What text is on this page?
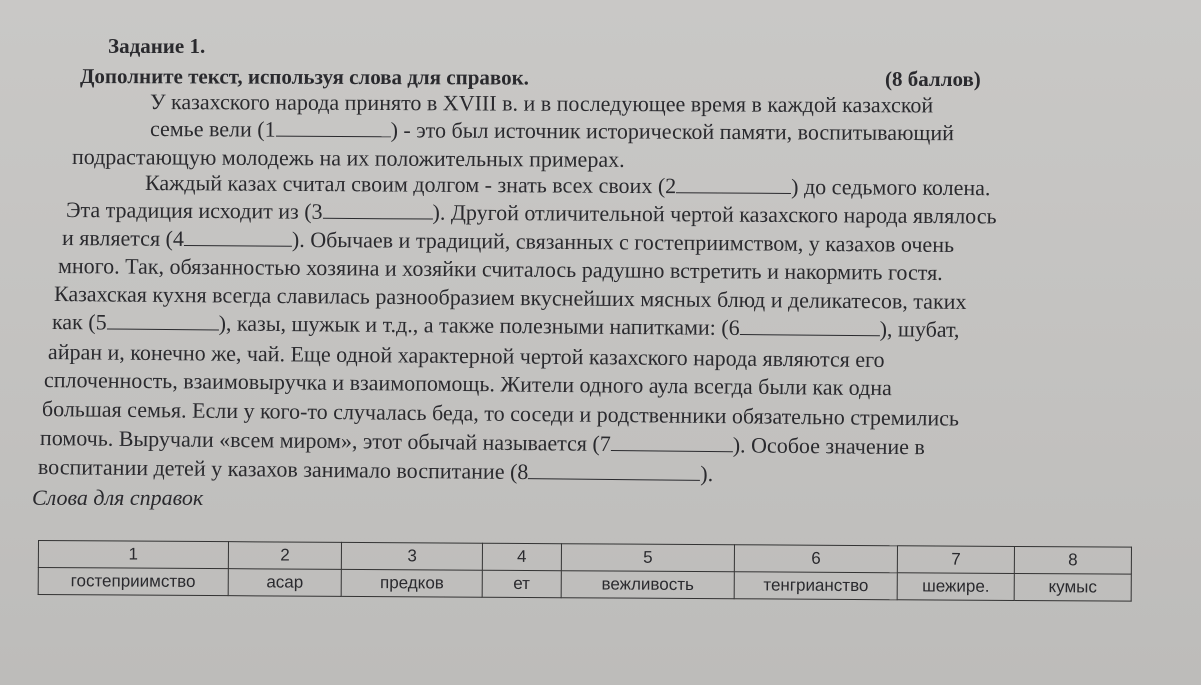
Задание 1.
Дополните текст, используя слова для справок.	(8 баллов)
У казахского народа принято в XVIII в. и в последующее время в каждой казахской
семье вели (1	) - это был источник исторической памяти, воспитывающий
подрастающую молодежь на их положительных примерах.
Каждый казах считал своим долгом - знать всех своих (2	) до седьмого колена.
Эта традиция исходит из (3	). Другой отличительной чертой казахского народа являлось
и является (4	). Обычаев и традиций, связанных с гостеприимством, у казахов очень
много. Так, обязанностью хозяина и хозяйки считалось радушно встретить и накормить гостя.
Казахская кухня всегда славилась разнообразием вкуснейших мясных блюд и деликатесов, таких
как (5	), казы, шужык и т.д., а также полезными напитками: (6	), шубат,
айран и, конечно же, чай. Еще одной характерной чертой казахского народа являются его
сплоченность, взаимовыручка и взаимопомощь. Жители одного аула всегда были как одна
большая семья. Если у кого-то случалась беда, то соседи и родственники обязательно стремились
помочь. Выручали «всем миром», этот обычай называется (7	). Особое значение в
воспитании детей у казахов занимало воспитание (8	).
Слова для справок
1	2	3	4	5	6	7	8
гостеприимство	асар	предков	ет	вежливость	тенгрианство	шежире.	кумыс
